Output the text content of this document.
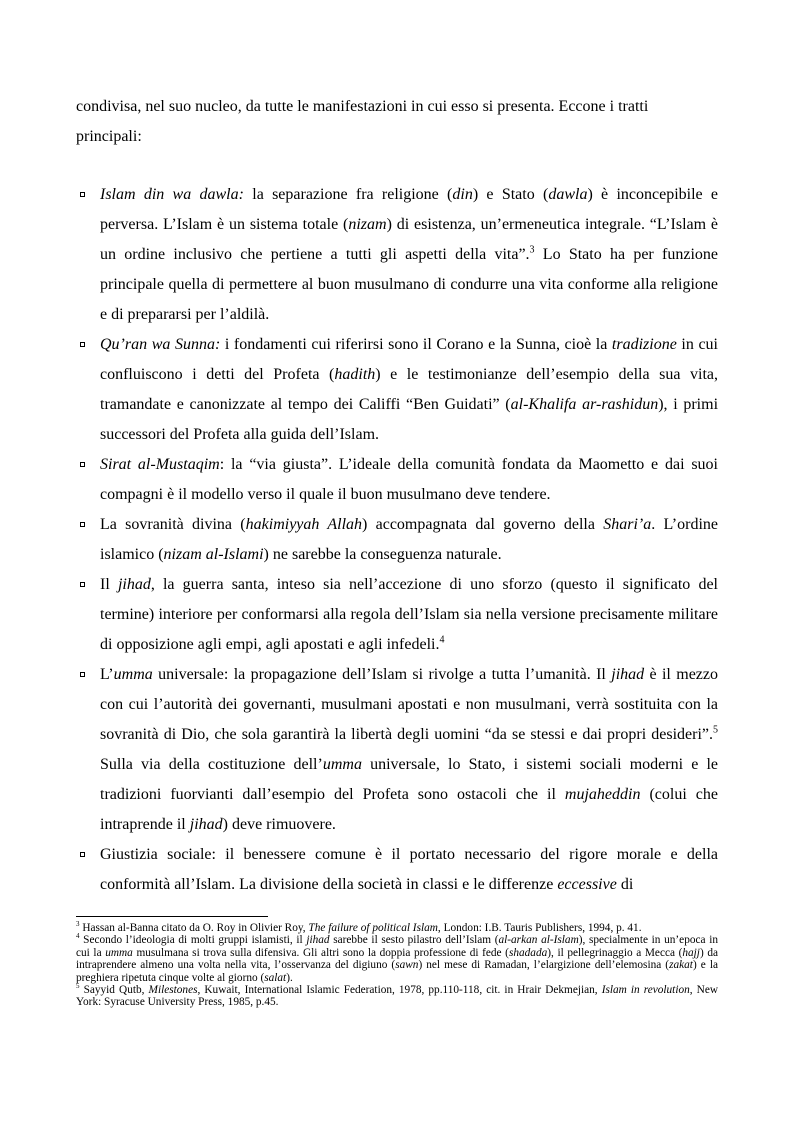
condivisa, nel suo nucleo, da tutte le manifestazioni in cui esso si presenta. Eccone i tratti
principali:

Islam din wa dawla: la separazione fra religione (din) e Stato (dawla) è inconcepibile e perversa. L’Islam è un sistema totale (nizam) di esistenza, un’ermeneutica integrale. “L’Islam è un ordine inclusivo che pertiene a tutti gli aspetti della vita”.$^3$ Lo Stato ha per funzione principale quella di permettere al buon musulmano di condurre una vita conforme alla religione e di prepararsi per l’aldilà.
Qu’ran wa Sunna: i fondamenti cui riferirsi sono il Corano e la Sunna, cioè la tradizione in cui confluiscono i detti del Profeta (hadith) e le testimonianze dell’esempio della sua vita, tramandate e canonizzate al tempo dei Califfi “Ben Guidati” (al-Khalifa ar-rashidun), i primi successori del Profeta alla guida dell’Islam.
Sirat al-Mustaqim: la “via giusta”. L’ideale della comunità fondata da Maometto e dai suoi compagni è il modello verso il quale il buon musulmano deve tendere.
La sovranità divina (hakimiyyah Allah) accompagnata dal governo della Shari’a. L’ordine islamico (nizam al-Islami) ne sarebbe la conseguenza naturale.
Il jihad, la guerra santa, inteso sia nell’accezione di uno sforzo (questo il significato del termine) interiore per conformarsi alla regola dell’Islam sia nella versione precisamente militare di opposizione agli empi, agli apostati e agli infedeli.$^4$
L’umma universale: la propagazione dell’Islam si rivolge a tutta l’umanità. Il jihad è il mezzo con cui l’autorità dei governanti, musulmani apostati e non musulmani, verrà sostituita con la sovranità di Dio, che sola garantirà la libertà degli uomini “da se stessi e dai propri desideri”.$^5$ Sulla via della costituzione dell’umma universale, lo Stato, i sistemi sociali moderni e le tradizioni fuorvianti dall’esempio del Profeta sono ostacoli che il mujaheddin (colui che intraprende il jihad) deve rimuovere.
Giustizia sociale: il benessere comune è il portato necessario del rigore morale e della conformità all’Islam. La divisione della società in classi e le differenze eccessive di

$^3$ Hassan al-Banna citato da O. Roy in Olivier Roy, The failure of political Islam, London: I.B. Tauris Publishers, 1994, p. 41.

$^4$ Secondo l’ideologia di molti gruppi islamisti, il jihad sarebbe il sesto pilastro dell’Islam (al-arkan al-Islam), specialmente in un’epoca in cui la umma musulmana si trova sulla difensiva. Gli altri sono la doppia professione di fede (shadada), il pellegrinaggio a Mecca (hajj) da intraprendere almeno una volta nella vita, l’osservanza del digiuno (sawn) nel mese di Ramadan, l’elargizione dell’elemosina (zakat) e la preghiera ripetuta cinque volte al giorno (salat).

$^5$ Sayyid Qutb, Milestones, Kuwait, International Islamic Federation, 1978, pp.110-118, cit. in Hrair Dekmejian, Islam in revolution, New York: Syracuse University Press, 1985, p.45.
